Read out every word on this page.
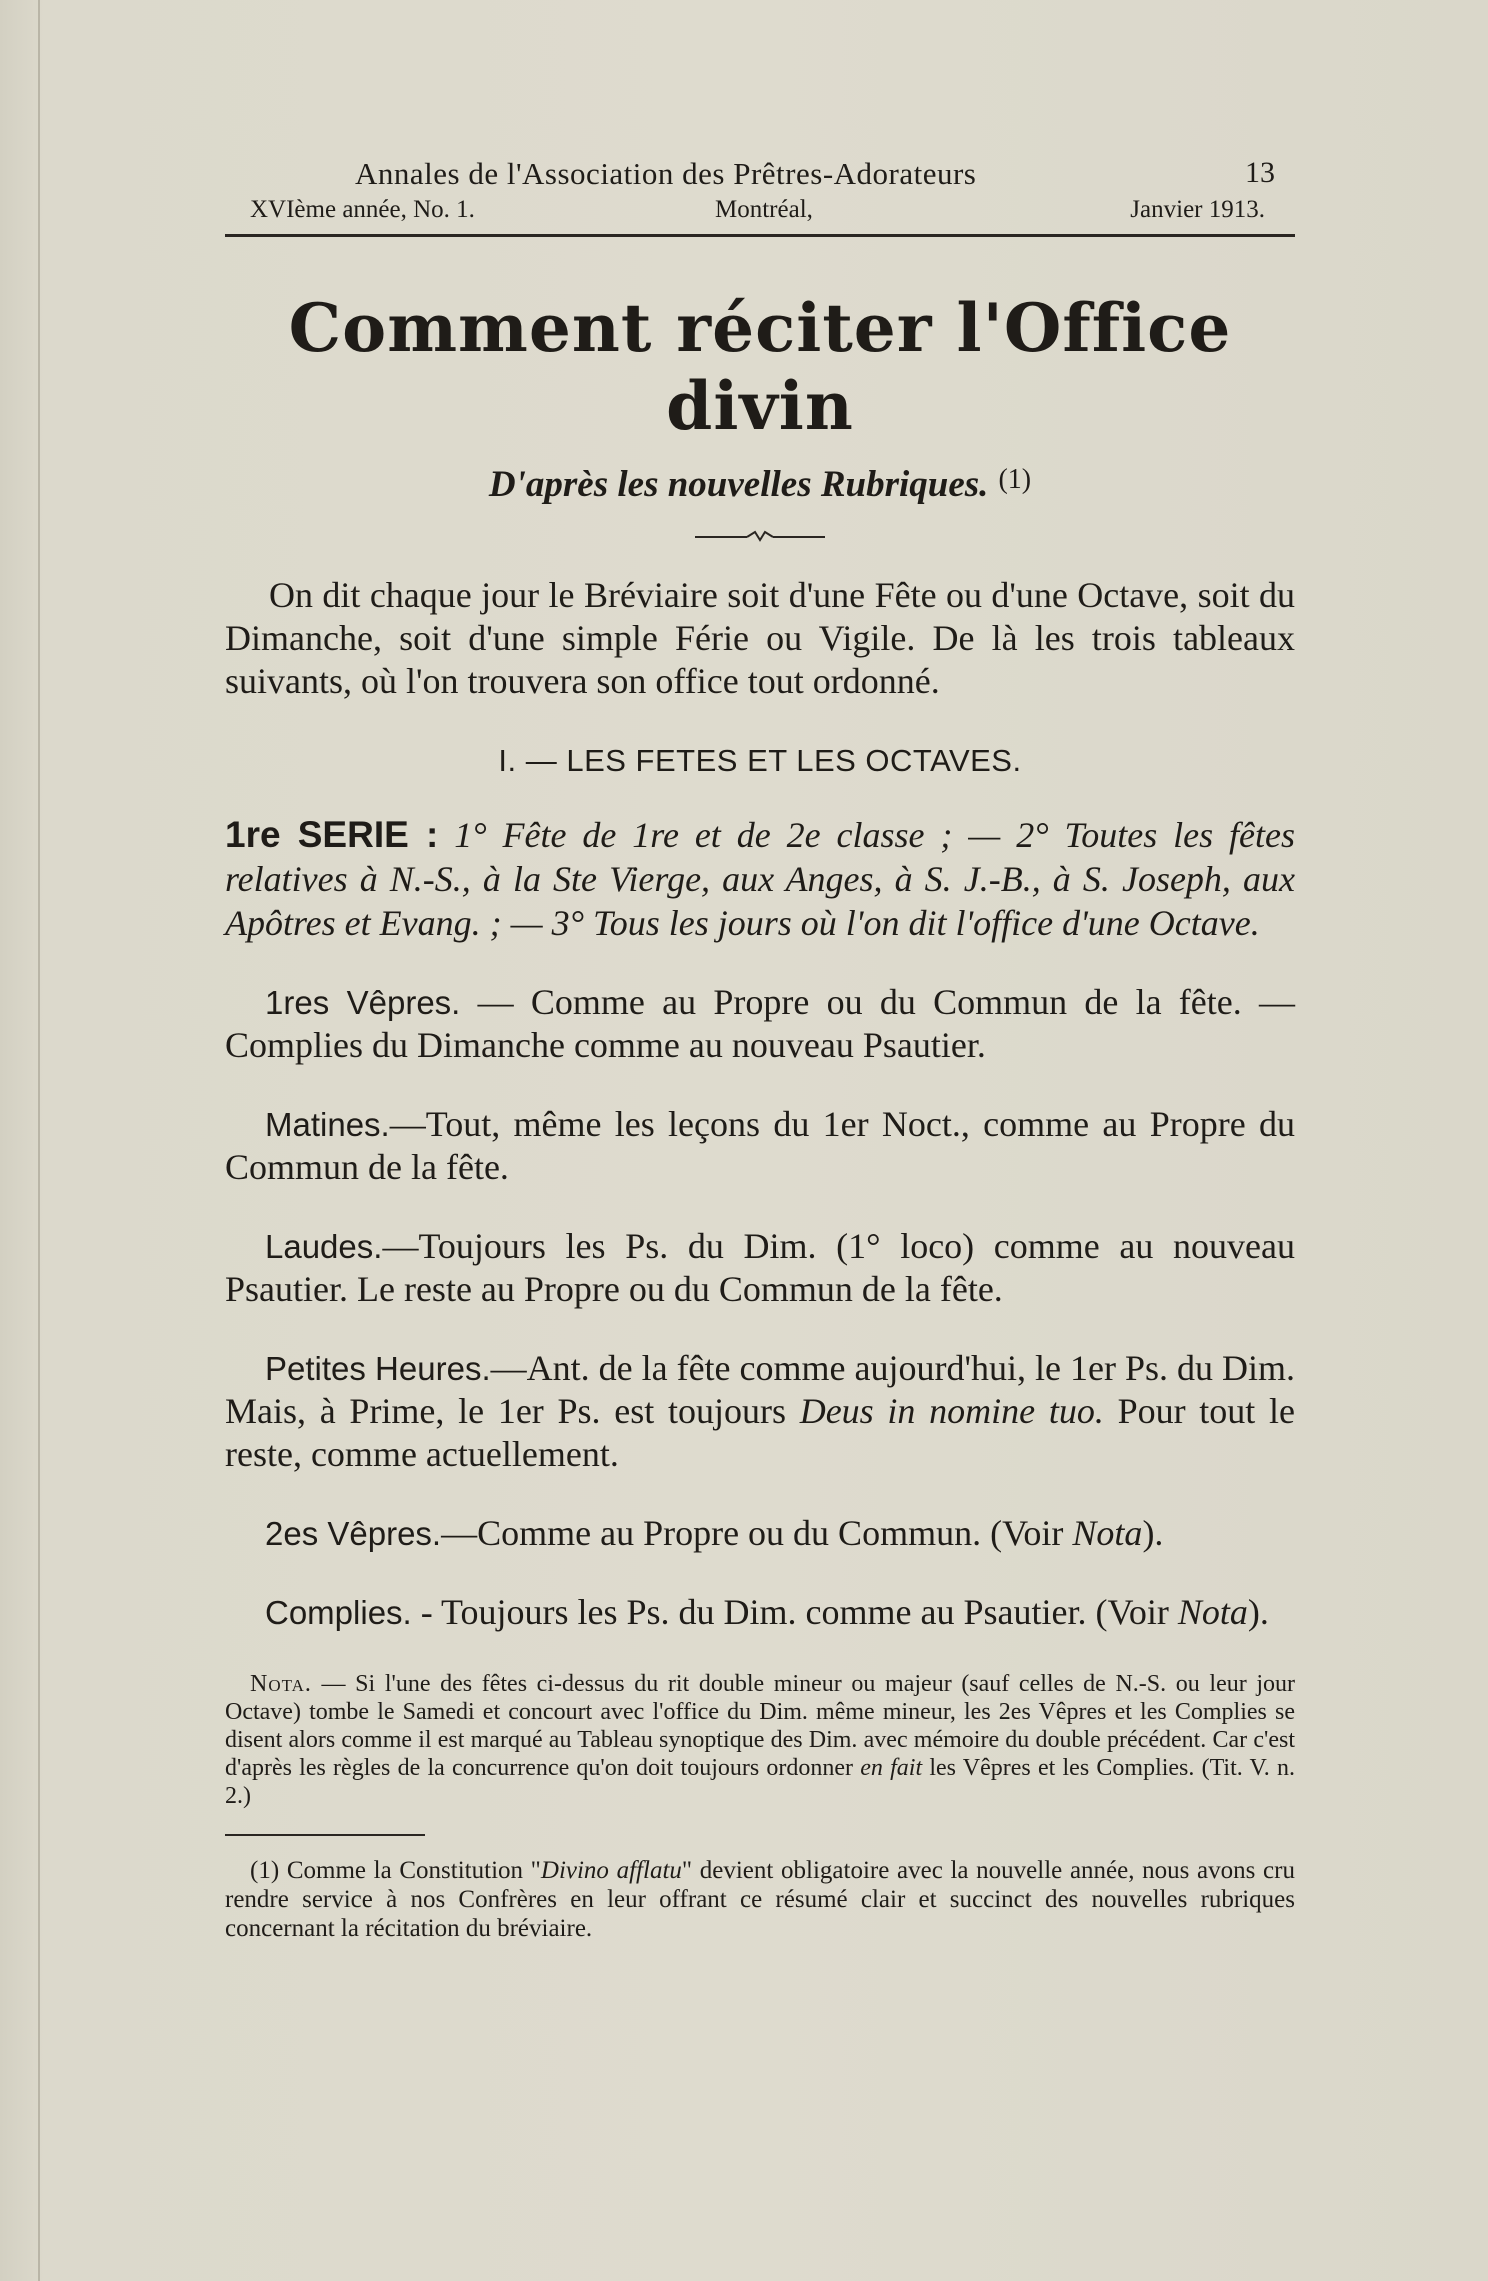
Annales de l'Association des Prêtres-Adorateurs	13
XVIème année, No. 1.	Montréal,	Janvier 1913.
Comment réciter l'Office divin
D'après les nouvelles Rubriques. $^{(1)}$

On dit chaque jour le Bréviaire soit d'une Fête ou d'une Octave, soit du Dimanche, soit d'une simple Férie ou Vigile. De là les trois tableaux suivants, où l'on trouvera son office tout ordonné.

I. — LES FETES ET LES OCTAVES.

1re SERIE : 1° Fête de 1re et de 2e classe ; — 2° Toutes les fêtes relatives à N.-S., à la Ste Vierge, aux Anges, à S. J.-B., à S. Joseph, aux Apôtres et Evang. ; — 3° Tous les jours où l'on dit l'office d'une Octave.

1res Vêpres. — Comme au Propre ou du Commun de la fête. — Complies du Dimanche comme au nouveau Psautier.

Matines.—Tout, même les leçons du 1er Noct., comme au Propre du Commun de la fête.

Laudes.—Toujours les Ps. du Dim. (1° loco) comme au nouveau Psautier. Le reste au Propre ou du Commun de la fête.

Petites Heures.—Ant. de la fête comme aujourd'hui, le 1er Ps. du Dim. Mais, à Prime, le 1er Ps. est toujours Deus in nomine tuo. Pour tout le reste, comme actuellement.

2es Vêpres.—Comme au Propre ou du Commun. (Voir Nota).

Complies. - Toujours les Ps. du Dim. comme au Psautier. (Voir Nota).

Nota. — Si l'une des fêtes ci-dessus du rit double mineur ou majeur (sauf celles de N.-S. ou leur jour Octave) tombe le Samedi et concourt avec l'office du Dim. même mineur, les 2es Vêpres et les Complies se disent alors comme il est marqué au Tableau synoptique des Dim. avec mémoire du double précédent. Car c'est d'après les règles de la concurrence qu'on doit toujours ordonner en fait les Vêpres et les Complies. (Tit. V. n. 2.)

(1) Comme la Constitution "Divino afflatu" devient obligatoire avec la nouvelle année, nous avons cru rendre service à nos Confrères en leur offrant ce résumé clair et succinct des nouvelles rubriques concernant la récitation du bréviaire.
